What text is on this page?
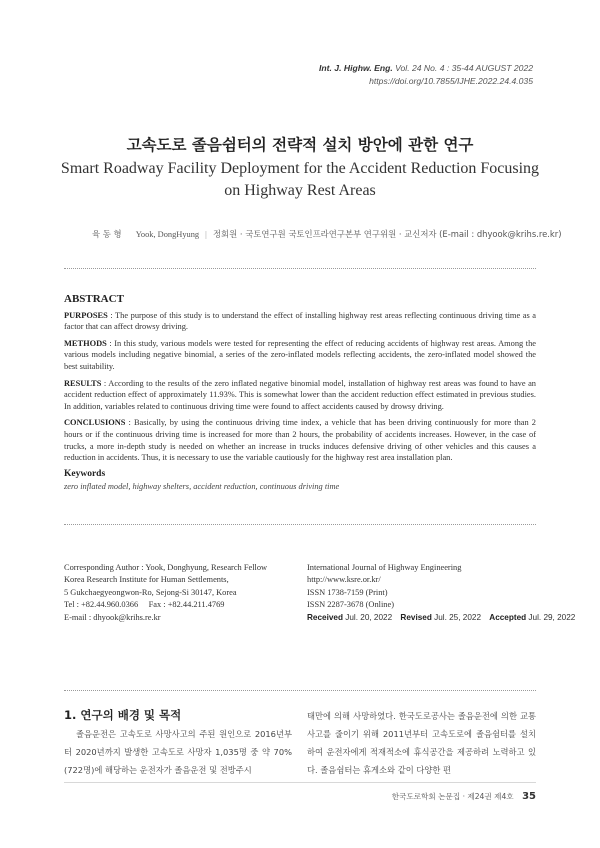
Int. J. Highw. Eng. Vol. 24 No. 4 : 35-44 AUGUST 2022
https://doi.org/10.7855/IJHE.2022.24.4.035
고속도로 졸음쉼터의 전략적 설치 방안에 관한 연구
Smart Roadway Facility Deployment for the Accident Reduction Focusing on Highway Rest Areas
육 동 형 Yook, DongHyung | 정회원 · 국토연구원 국토인프라연구본부 연구위원 · 교신저자 (E-mail : dhyook@krihs.re.kr)
ABSTRACT

PURPOSES : The purpose of this study is to understand the effect of installing highway rest areas reflecting continuous driving time as a factor that can affect drowsy driving.

METHODS : In this study, various models were tested for representing the effect of reducing accidents of highway rest areas. Among the various models including negative binomial, a series of the zero-inflated models reflecting accidents, the zero-inflated model showed the best suitability.

RESULTS : According to the results of the zero inflated negative binomial model, installation of highway rest areas was found to have an accident reduction effect of approximately 11.93%. This is somewhat lower than the accident reduction effect estimated in previous studies. In addition, variables related to continuous driving time were found to affect accidents caused by drowsy driving.

CONCLUSIONS : Basically, by using the continuous driving time index, a vehicle that has been driving continuously for more than 2 hours or if the continuous driving time is increased for more than 2 hours, the probability of accidents increases. However, in the case of trucks, a more in-depth study is needed on whether an increase in trucks induces defensive driving of other vehicles and this causes a reduction in accidents. Thus, it is necessary to use the variable cautiously for the highway rest area installation plan.

Keywords
zero inflated model, highway shelters, accident reduction, continuous driving time
Corresponding Author : Yook, Donghyung, Research Fellow
Korea Research Institute for Human Settlements,
5 Gukchaegyeongwon-Ro, Sejong-Si 30147, Korea
Tel : +82.44.960.0366     Fax : +82.44.211.4769
E-mail : dhyook@krihs.re.kr
International Journal of Highway Engineering
http://www.ksre.or.kr/
ISSN 1738-7159 (Print)
ISSN 2287-3678 (Online)
Received Jul. 20, 2022 Revised Jul. 25, 2022 Accepted Jul. 29, 2022
1. 연구의 배경 및 목적
졸음운전은 고속도로 사망사고의 주된 원인으로 2016년부터 2020년까지 발생한 고속도로 사망자 1,035명 중 약 70%(722명)에 해당하는 운전자가 졸음운전 및 전방주시
태만에 의해 사망하였다. 한국도로공사는 졸음운전에 의한 교통사고를 줄이기 위해 2011년부터 고속도로에 졸음쉼터를 설치하여 운전자에게 적재적소에 휴식공간을 제공하려 노력하고 있다. 졸음쉼터는 휴게소와 같이 다양한 편
한국도로학회 논문집 · 제24권 제4호 35
